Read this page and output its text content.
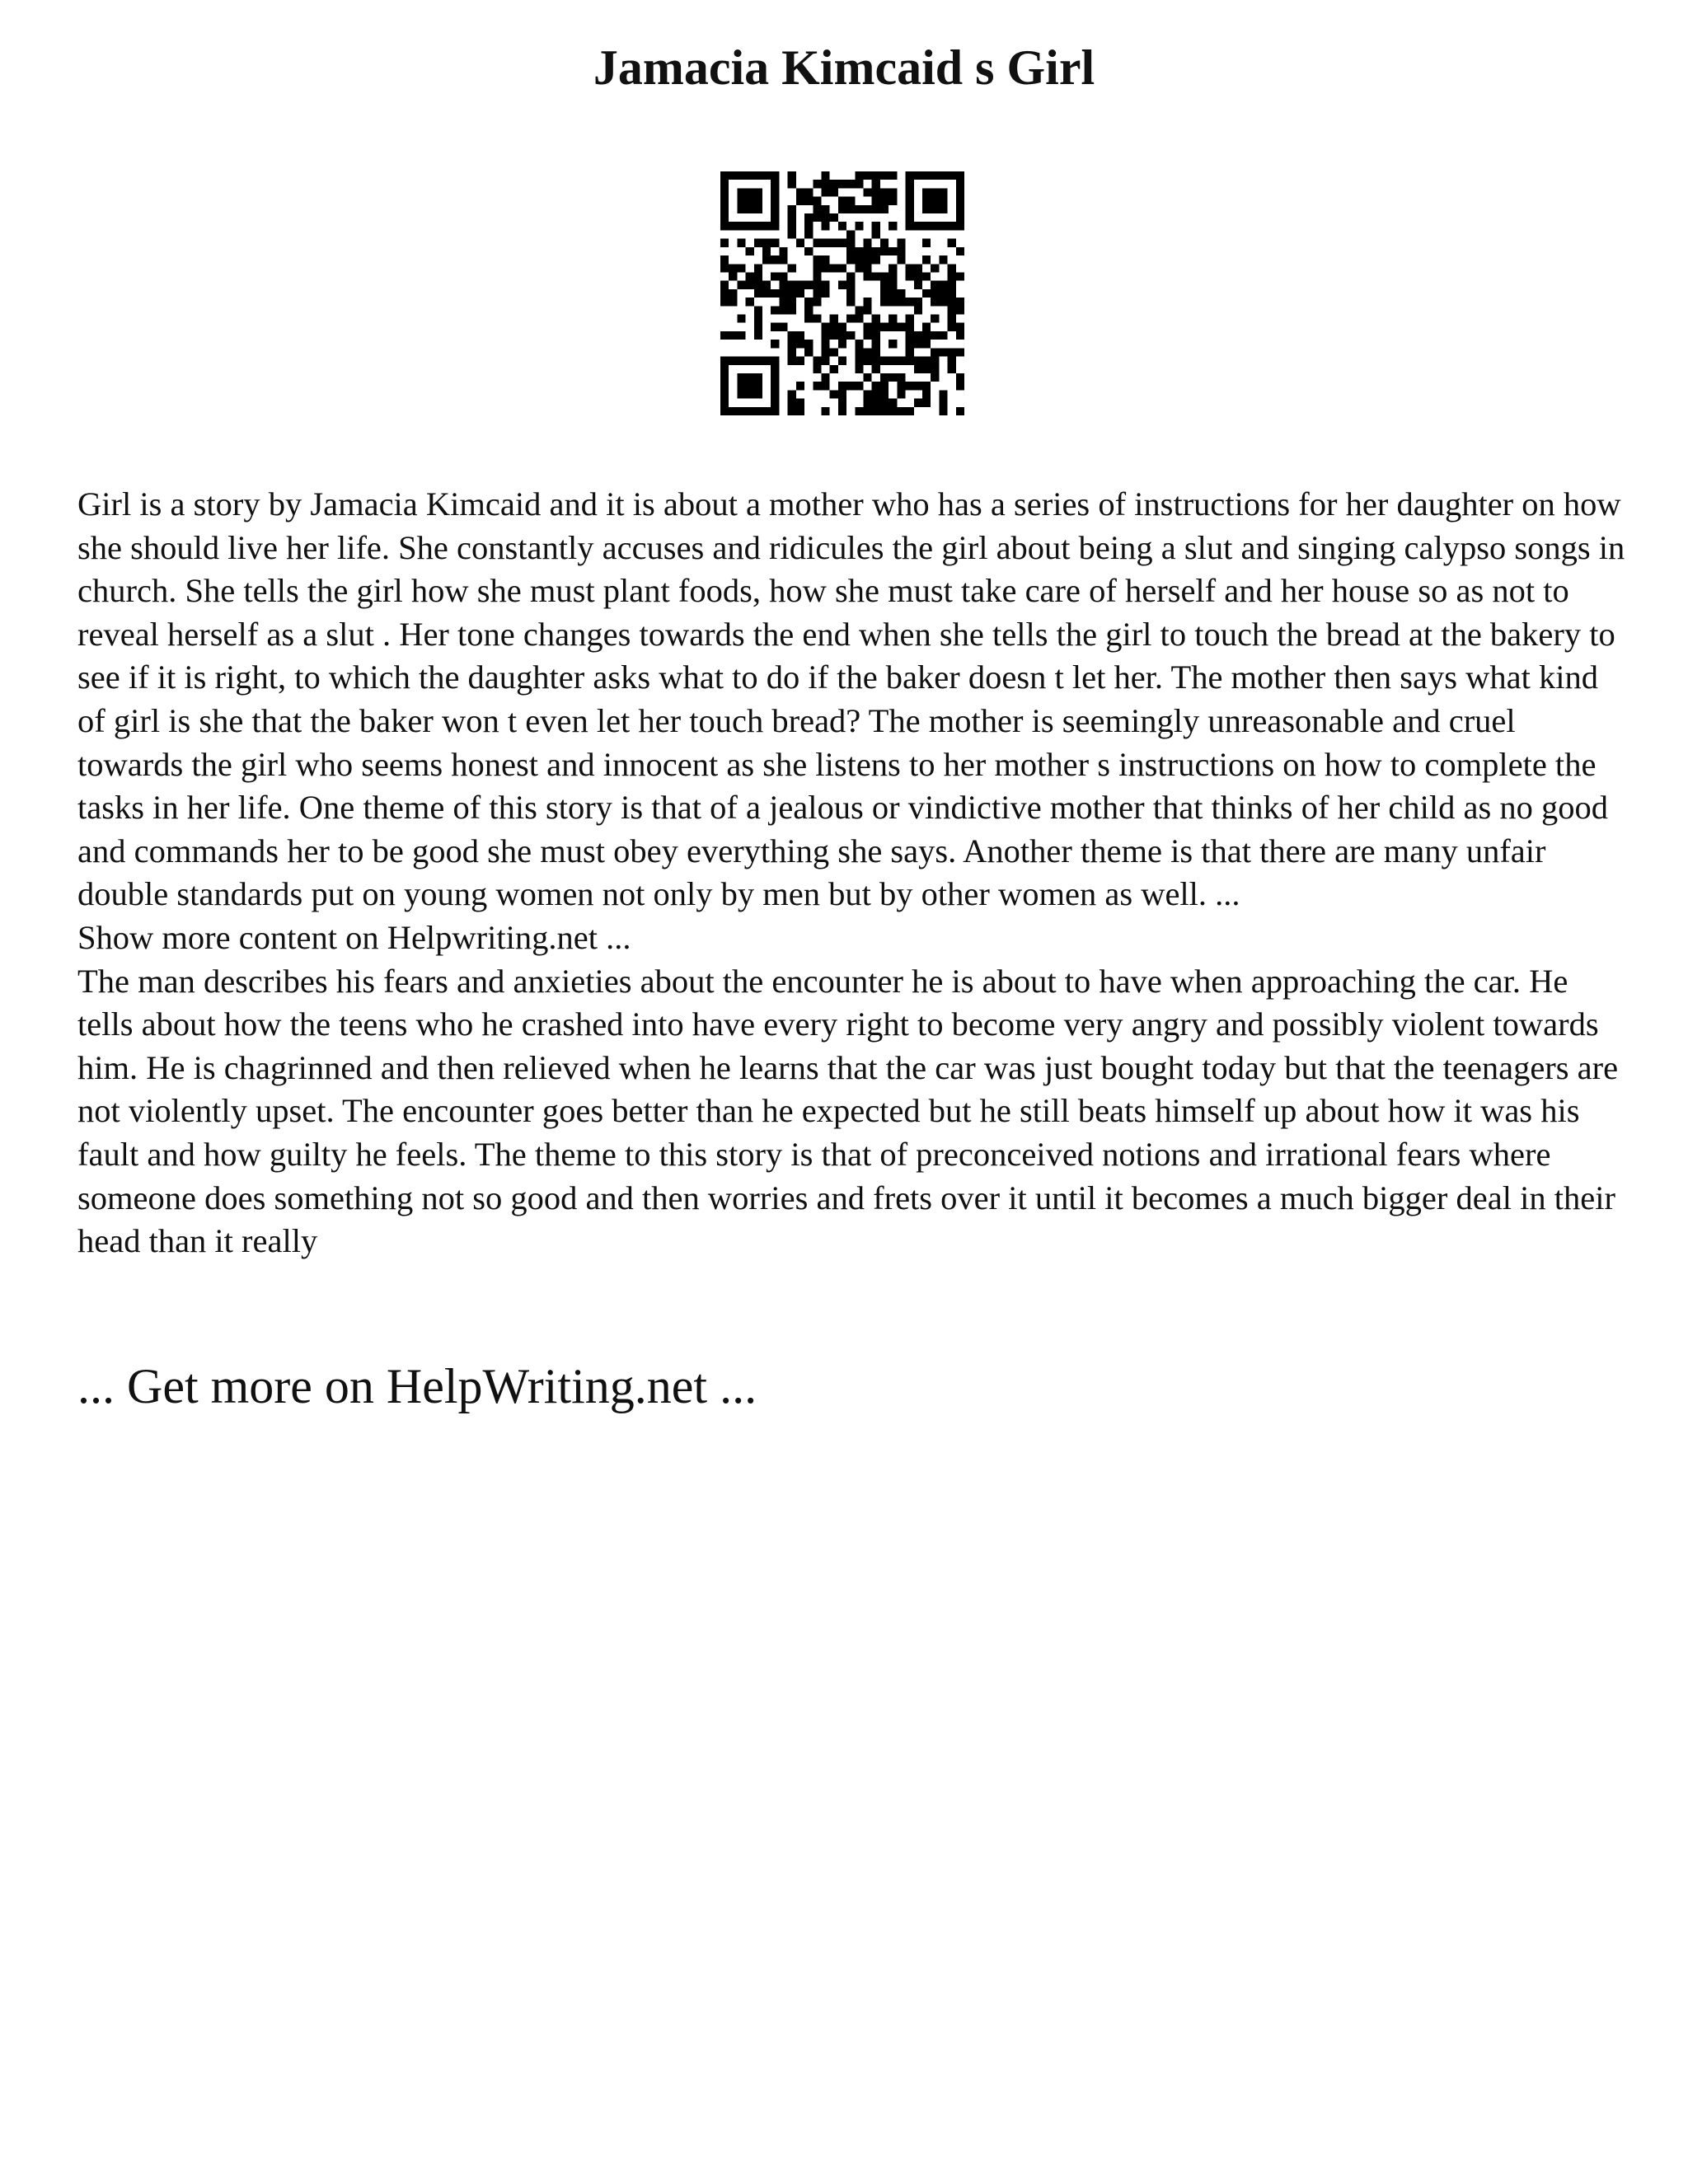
Jamacia Kimcaid s Girl

Girl is a story by Jamacia Kimcaid and it is about a mother who has a series of instructions for her daughter on how she should live her life. She constantly accuses and ridicules the girl about being a slut and singing calypso songs in church. She tells the girl how she must plant foods, how she must take care of herself and her house so as not to reveal herself as a slut . Her tone changes towards the end when she tells the girl to touch the bread at the bakery to see if it is right, to which the daughter asks what to do if the baker doesn t let her. The mother then says what kind of girl is she that the baker won t even let her touch bread? The mother is seemingly unreasonable and cruel towards the girl who seems honest and innocent as she listens to her mother s instructions on how to complete the tasks in her life. One theme of this story is that of a jealous or vindictive mother that thinks of her child as no good and commands her to be good she must obey everything she says. Another theme is that there are many unfair double standards put on young women not only by men but by other women as well. ...

Show more content on Helpwriting.net ...

The man describes his fears and anxieties about the encounter he is about to have when approaching the car. He tells about how the teens who he crashed into have every right to become very angry and possibly violent towards him. He is chagrinned and then relieved when he learns that the car was just bought today but that the teenagers are not violently upset. The encounter goes better than he expected but he still beats himself up about how it was his fault and how guilty he feels. The theme to this story is that of preconceived notions and irrational fears where someone does something not so good and then worries and frets over it until it becomes a much bigger deal in their head than it really

... Get more on HelpWriting.net ...
